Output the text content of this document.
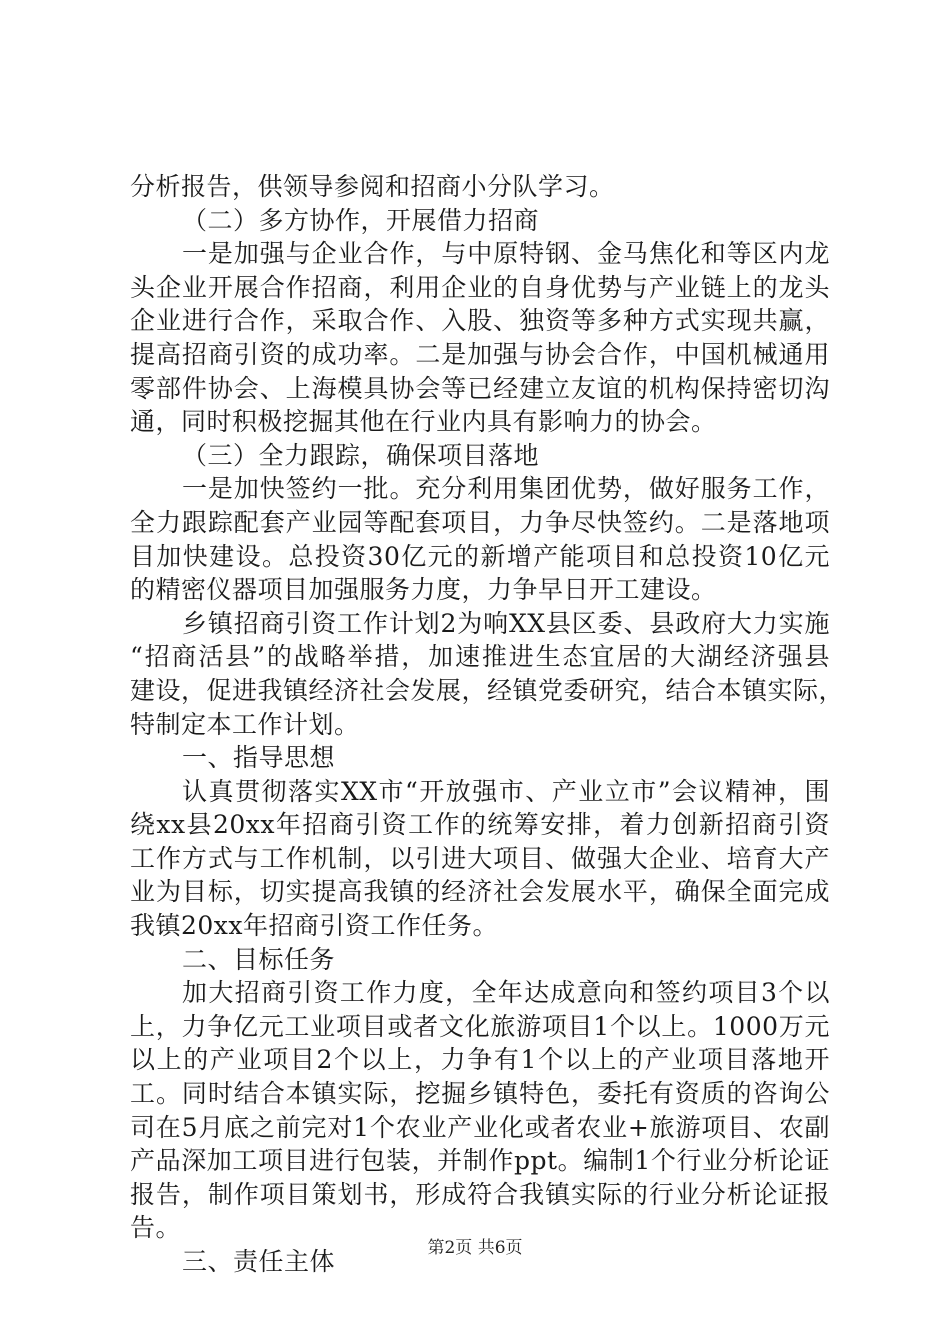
分析报告，供领导参阅和招商小分队学习。
（二）多方协作，开展借力招商
一是加强与企业合作，与中原特钢、金马焦化和等区内龙
头企业开展合作招商，利用企业的自身优势与产业链上的龙头
企业进行合作，采取合作、入股、独资等多种方式实现共赢，
提高招商引资的成功率。二是加强与协会合作，中国机械通用
零部件协会、上海模具协会等已经建立友谊的机构保持密切沟
通，同时积极挖掘其他在行业内具有影响力的协会。
（三）全力跟踪，确保项目落地
一是加快签约一批。充分利用集团优势，做好服务工作，
全力跟踪配套产业园等配套项目，力争尽快签约。二是落地项
目加快建设。总投资30亿元的新增产能项目和总投资10亿元
的精密仪器项目加强服务力度，力争早日开工建设。
乡镇招商引资工作计划2为响XX县区委、县政府大力实施
“招商活县”的战略举措，加速推进生态宜居的大湖经济强县
建设，促进我镇经济社会发展，经镇党委研究，结合本镇实际，
特制定本工作计划。
一、指导思想
认真贯彻落实XX市“开放强市、产业立市”会议精神，围
绕xx县20xx年招商引资工作的统筹安排，着力创新招商引资
工作方式与工作机制，以引进大项目、做强大企业、培育大产
业为目标，切实提高我镇的经济社会发展水平，确保全面完成
我镇20xx年招商引资工作任务。
二、目标任务
加大招商引资工作力度，全年达成意向和签约项目3个以
上，力争亿元工业项目或者文化旅游项目1个以上。1000万元
以上的产业项目2个以上，力争有1个以上的产业项目落地开
工。同时结合本镇实际，挖掘乡镇特色，委托有资质的咨询公
司在5月底之前完对1个农业产业化或者农业+旅游项目、农副
产品深加工项目进行包装，并制作ppt。编制1个行业分析论证
报告，制作项目策划书，形成符合我镇实际的行业分析论证报
告。
三、责任主体	第2页 共6页
